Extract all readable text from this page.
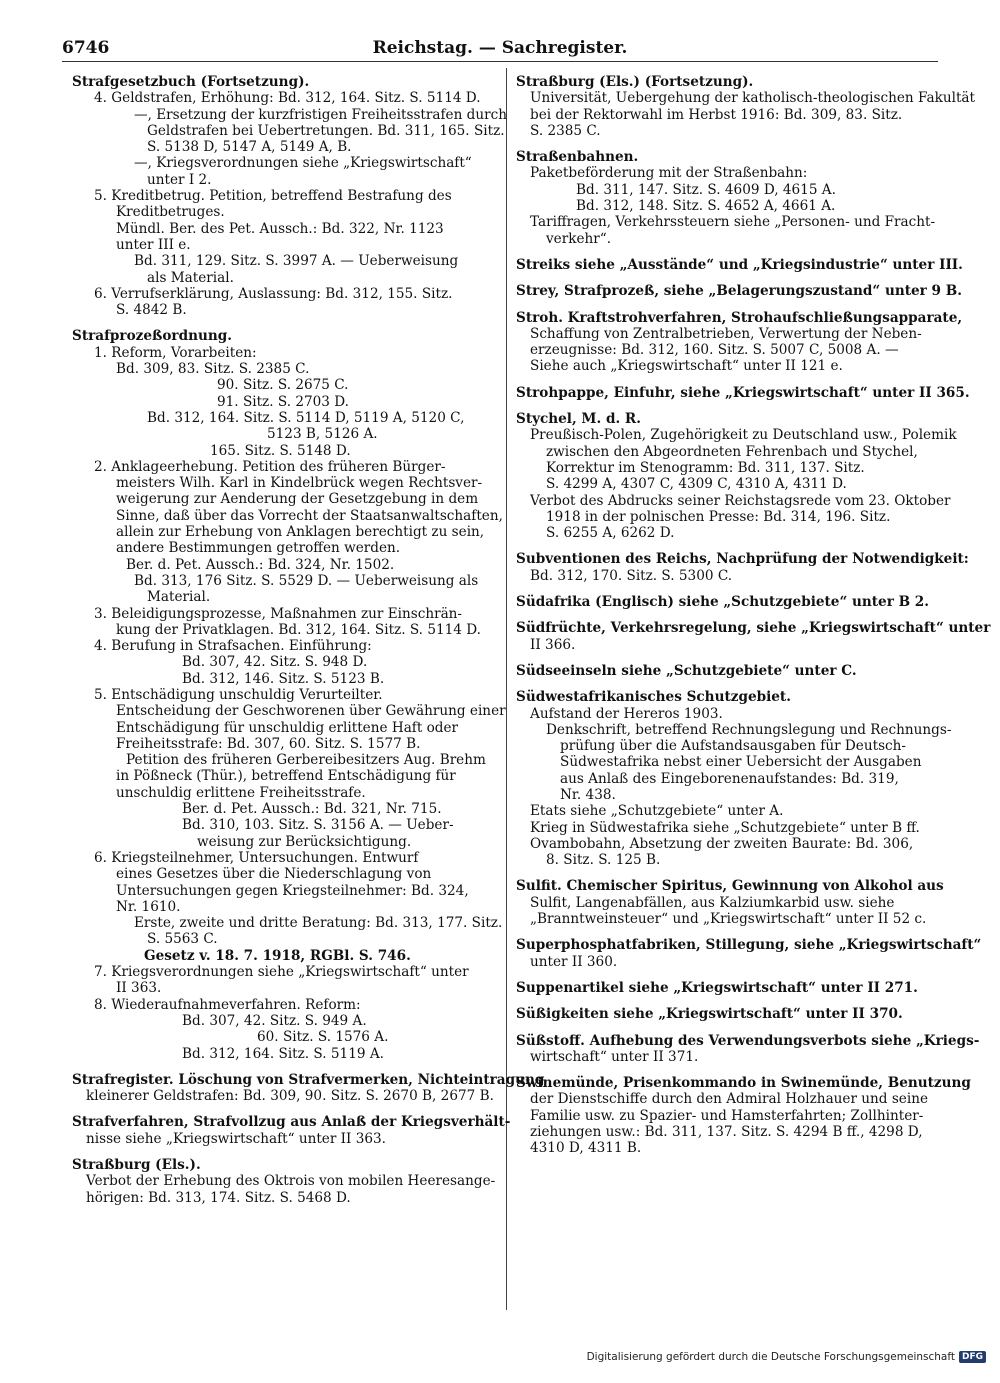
6746	Reichstag. — Sachregister.
Strafgesetzbuch (Fortsetzung).
4. Geldstrafen, Erhöhung: Bd. 312, 164. Sitz. S. 5114 D.
—, Ersetzung der kurzfristigen Freiheitsstrafen durch
Geldstrafen bei Uebertretungen. Bd. 311, 165. Sitz.
S. 5138 D, 5147 A, 5149 A, B.
—, Kriegsverordnungen siehe „Kriegswirtschaft“
unter I 2.
5. Kreditbetrug. Petition, betreffend Bestrafung des
Kreditbetruges.
Mündl. Ber. des Pet. Aussch.: Bd. 322, Nr. 1123
unter III e.
Bd. 311, 129. Sitz. S. 3997 A. — Ueberweisung
als Material.
6. Verrufserklärung, Auslassung: Bd. 312, 155. Sitz.
S. 4842 B.
Strafprozeßordnung.
1. Reform, Vorarbeiten:
Bd. 309, 83. Sitz. S. 2385 C.
90. Sitz. S. 2675 C.
91. Sitz. S. 2703 D.
Bd. 312, 164. Sitz. S. 5114 D, 5119 A, 5120 C,
5123 B, 5126 A.
165. Sitz. S. 5148 D.
2. Anklageerhebung. Petition des früheren Bürger-
meisters Wilh. Karl in Kindelbrück wegen Rechtsver-
weigerung zur Aenderung der Gesetzgebung in dem
Sinne, daß über das Vorrecht der Staatsanwaltschaften,
allein zur Erhebung von Anklagen berechtigt zu sein,
andere Bestimmungen getroffen werden.
Ber. d. Pet. Aussch.: Bd. 324, Nr. 1502.
Bd. 313, 176 Sitz. S. 5529 D. — Ueberweisung als
Material.
3. Beleidigungsprozesse, Maßnahmen zur Einschrän-
kung der Privatklagen. Bd. 312, 164. Sitz. S. 5114 D.
4. Berufung in Strafsachen. Einführung:
Bd. 307, 42. Sitz. S. 948 D.
Bd. 312, 146. Sitz. S. 5123 B.
5. Entschädigung unschuldig Verurteilter.
Entscheidung der Geschworenen über Gewährung einer
Entschädigung für unschuldig erlittene Haft oder
Freiheitsstrafe: Bd. 307, 60. Sitz. S. 1577 B.
Petition des früheren Gerbereibesitzers Aug. Brehm
in Pößneck (Thür.), betreffend Entschädigung für
unschuldig erlittene Freiheitsstrafe.
Ber. d. Pet. Aussch.: Bd. 321, Nr. 715.
Bd. 310, 103. Sitz. S. 3156 A. — Ueber-
weisung zur Berücksichtigung.
6. Kriegsteilnehmer, Untersuchungen. Entwurf
eines Gesetzes über die Niederschlagung von
Untersuchungen gegen Kriegsteilnehmer: Bd. 324,
Nr. 1610.
Erste, zweite und dritte Beratung: Bd. 313, 177. Sitz.
S. 5563 C.
Gesetz v. 18. 7. 1918, RGBl. S. 746.
7. Kriegsverordnungen siehe „Kriegswirtschaft“ unter
II 363.
8. Wiederaufnahmeverfahren. Reform:
Bd. 307, 42. Sitz. S. 949 A.
60. Sitz. S. 1576 A.
Bd. 312, 164. Sitz. S. 5119 A.
Strafregister. Löschung von Strafvermerken, Nichteintragung
kleinerer Geldstrafen: Bd. 309, 90. Sitz. S. 2670 B, 2677 B.
Strafverfahren, Strafvollzug aus Anlaß der Kriegsverhält-
nisse siehe „Kriegswirtschaft“ unter II 363.
Straßburg (Els.).
Verbot der Erhebung des Oktrois von mobilen Heeresange-
hörigen: Bd. 313, 174. Sitz. S. 5468 D.
Straßburg (Els.) (Fortsetzung).
Universität, Uebergehung der katholisch-theologischen Fakultät
bei der Rektorwahl im Herbst 1916: Bd. 309, 83. Sitz.
S. 2385 C.
Straßenbahnen.
Paketbeförderung mit der Straßenbahn:
Bd. 311, 147. Sitz. S. 4609 D, 4615 A.
Bd. 312, 148. Sitz. S. 4652 A, 4661 A.
Tariffragen, Verkehrssteuern siehe „Personen- und Fracht-
verkehr“.
Streiks siehe „Ausstände“ und „Kriegsindustrie“ unter III.
Strey, Strafprozeß, siehe „Belagerungszustand“ unter 9 B.
Stroh. Kraftstrohverfahren, Strohaufschließungsapparate,
Schaffung von Zentralbetrieben, Verwertung der Neben-
erzeugnisse: Bd. 312, 160. Sitz. S. 5007 C, 5008 A. —
Siehe auch „Kriegswirtschaft“ unter II 121 e.
Strohpappe, Einfuhr, siehe „Kriegswirtschaft“ unter II 365.
Stychel, M. d. R.
Preußisch-Polen, Zugehörigkeit zu Deutschland usw., Polemik
zwischen den Abgeordneten Fehrenbach und Stychel,
Korrektur im Stenogramm: Bd. 311, 137. Sitz.
S. 4299 A, 4307 C, 4309 C, 4310 A, 4311 D.
Verbot des Abdrucks seiner Reichstagsrede vom 23. Oktober
1918 in der polnischen Presse: Bd. 314, 196. Sitz.
S. 6255 A, 6262 D.
Subventionen des Reichs, Nachprüfung der Notwendigkeit:
Bd. 312, 170. Sitz. S. 5300 C.
Südafrika (Englisch) siehe „Schutzgebiete“ unter B 2.
Südfrüchte, Verkehrsregelung, siehe „Kriegswirtschaft“ unter
II 366.
Südseeinseln siehe „Schutzgebiete“ unter C.
Südwestafrikanisches Schutzgebiet.
Aufstand der Hereros 1903.
Denkschrift, betreffend Rechnungslegung und Rechnungs-
prüfung über die Aufstandsausgaben für Deutsch-
Südwestafrika nebst einer Uebersicht der Ausgaben
aus Anlaß des Eingeborenenaufstandes: Bd. 319,
Nr. 438.
Etats siehe „Schutzgebiete“ unter A.
Krieg in Südwestafrika siehe „Schutzgebiete“ unter B ff.
Ovambobahn, Absetzung der zweiten Baurate: Bd. 306,
8. Sitz. S. 125 B.
Sulfit. Chemischer Spiritus, Gewinnung von Alkohol aus
Sulfit, Langenabfällen, aus Kalziumkarbid usw. siehe
„Branntweinsteuer“ und „Kriegswirtschaft“ unter II 52 c.
Superphosphatfabriken, Stillegung, siehe „Kriegswirtschaft“
unter II 360.
Suppenartikel siehe „Kriegswirtschaft“ unter II 271.
Süßigkeiten siehe „Kriegswirtschaft“ unter II 370.
Süßstoff. Aufhebung des Verwendungsverbots siehe „Kriegs-
wirtschaft“ unter II 371.
Swinemünde, Prisenkommando in Swinemünde, Benutzung
der Dienstschiffe durch den Admiral Holzhauer und seine
Familie usw. zu Spazier- und Hamsterfahrten; Zollhinter-
ziehungen usw.: Bd. 311, 137. Sitz. S. 4294 B ff., 4298 D,
4310 D, 4311 B.
Digitalisierung gefördert durch die Deutsche Forschungsgemeinschaft DFG
